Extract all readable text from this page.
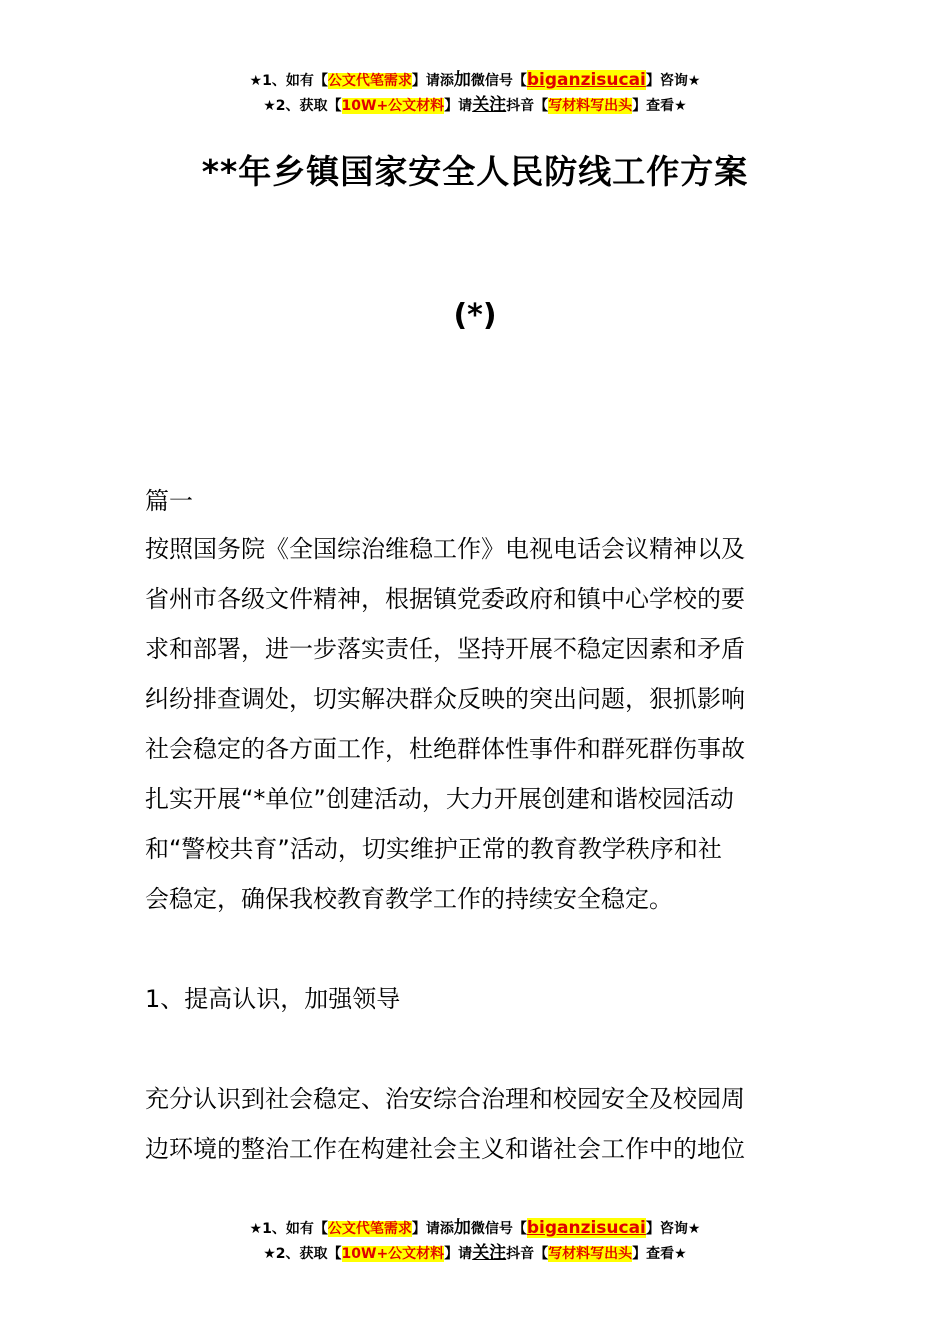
★1、如有【公文代笔需求】请添加微信号【biganzisucai】咨询★
★2、获取【10W+公文材料】请关注抖音【写材料写出头】查看★
**年乡镇国家安全人民防线工作方案
(*)

篇一

按照国务院《全国综治维稳工作》电视电话会议精神以及
省州市各级文件精神，根据镇党委政府和镇中心学校的要
求和部署，进一步落实责任，坚持开展不稳定因素和矛盾
纠纷排查调处，切实解决群众反映的突出问题，狠抓影响
社会稳定的各方面工作，杜绝群体性事件和群死群伤事故
扎实开展“*单位”创建活动，大力开展创建和谐校园活动
和“警校共育”活动，切实维护正常的教育教学秩序和社
会稳定，确保我校教育教学工作的持续安全稳定。

1、提高认识，加强领导

充分认识到社会稳定、治安综合治理和校园安全及校园周
边环境的整治工作在构建社会主义和谐社会工作中的地位
★1、如有【公文代笔需求】请添加微信号【biganzisucai】咨询★
★2、获取【10W+公文材料】请关注抖音【写材料写出头】查看★
